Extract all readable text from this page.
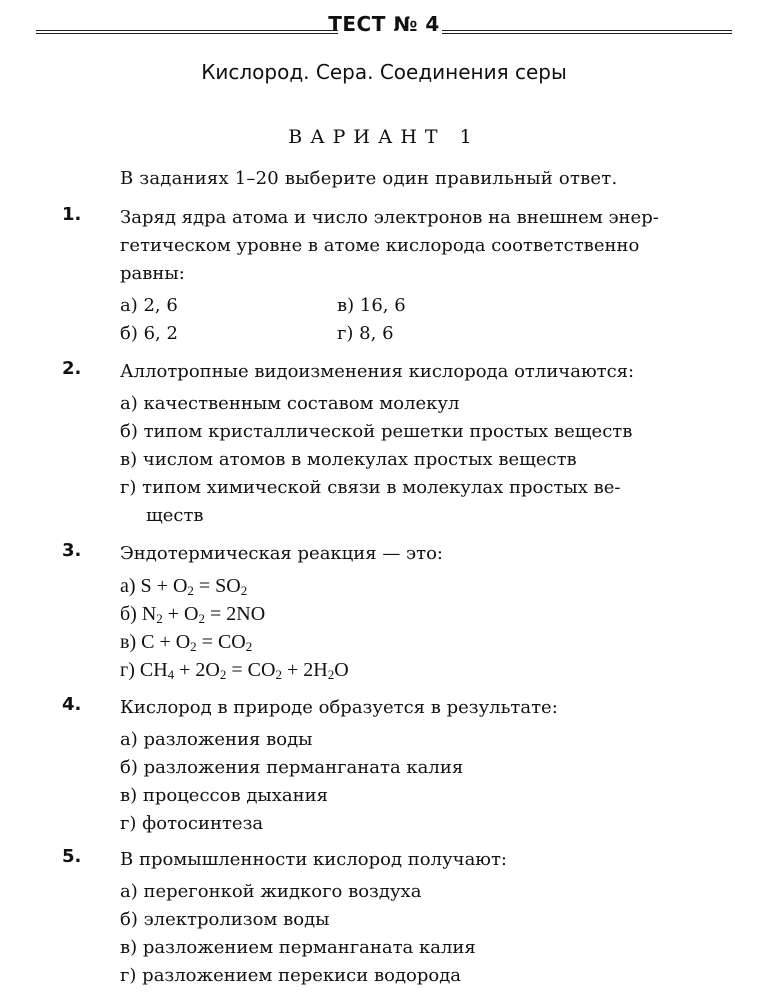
ТЕСТ № 4
Кислород. Сера. Соединения серы
ВАРИАНТ 1
В заданиях 1–20 выберите один правильный ответ.
1. Заряд ядра атома и число электронов на внешнем энер-
гетическом уровне в атоме кислорода соответственно
равны:
а) 2, 6	в) 16, 6
б) 6, 2	г) 8, 6
2. Аллотропные видоизменения кислорода отличаются:
а) качественным составом молекул
б) типом кристаллической решетки простых веществ
в) числом атомов в молекулах простых веществ
г) типом химической связи в молекулах простых ве-
ществ
3. Эндотермическая реакция — это:
а) $S + O_2 = SO_2$
б) $N_2 + O_2 = 2NO$
в) $C + O_2 = CO_2$
г) $CH_4 + 2O_2 = CO_2 + 2H_2O$
4. Кислород в природе образуется в результате:
а) разложения воды
б) разложения перманганата калия
в) процессов дыхания
г) фотосинтеза
5. В промышленности кислород получают:
а) перегонкой жидкого воздуха
б) электролизом воды
в) разложением перманганата калия
г) разложением перекиси водорода
